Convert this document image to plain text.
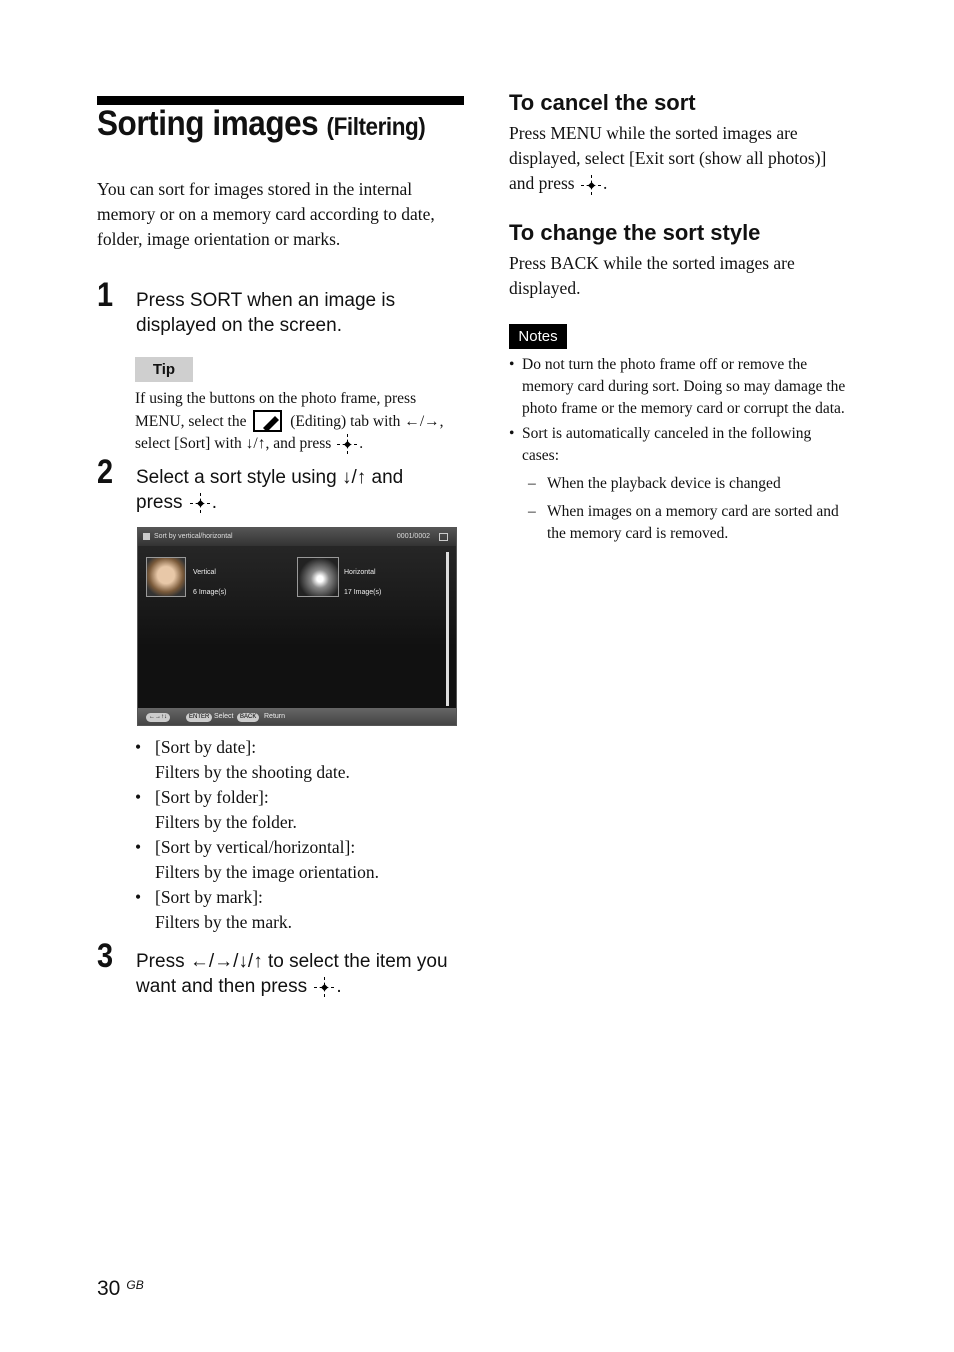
Sorting images (Filtering)
You can sort for images stored in the internal memory or on a memory card according to date, folder, image orientation or marks.
1 Press SORT when an image is
displayed on the screen.
Tip
If using the buttons on the photo frame, press
MENU, select the	(Editing) tab with ←/→,
select [Sort] with ↓/↑, and press .
2 Select a sort style using ↓/↑ and
press .
Sort by vertical/horizontal	0001/0002
Vertical
6 Image(s)
Horizontal
17 Image(s)
←→↑↓	ENTER Select	BACK	Return
• [Sort by date]:
Filters by the shooting date.
• [Sort by folder]:
Filters by the folder.
• [Sort by vertical/horizontal]:
Filters by the image orientation.
• [Sort by mark]:
Filters by the mark.
3 Press ←/→/↓/↑ to select the item you
want and then press .
To cancel the sort
Press MENU while the sorted images are
displayed, select [Exit sort (show all photos)]
and press .
To change the sort style
Press BACK while the sorted images are
displayed.
Notes
• Do not turn the photo frame off or remove the
memory card during sort. Doing so may damage the
photo frame or the memory card or corrupt the data.
• Sort is automatically canceled in the following
cases:
– When the playback device is changed
– When images on a memory card are sorted and
the memory card is removed.
30 $^{GB}$
